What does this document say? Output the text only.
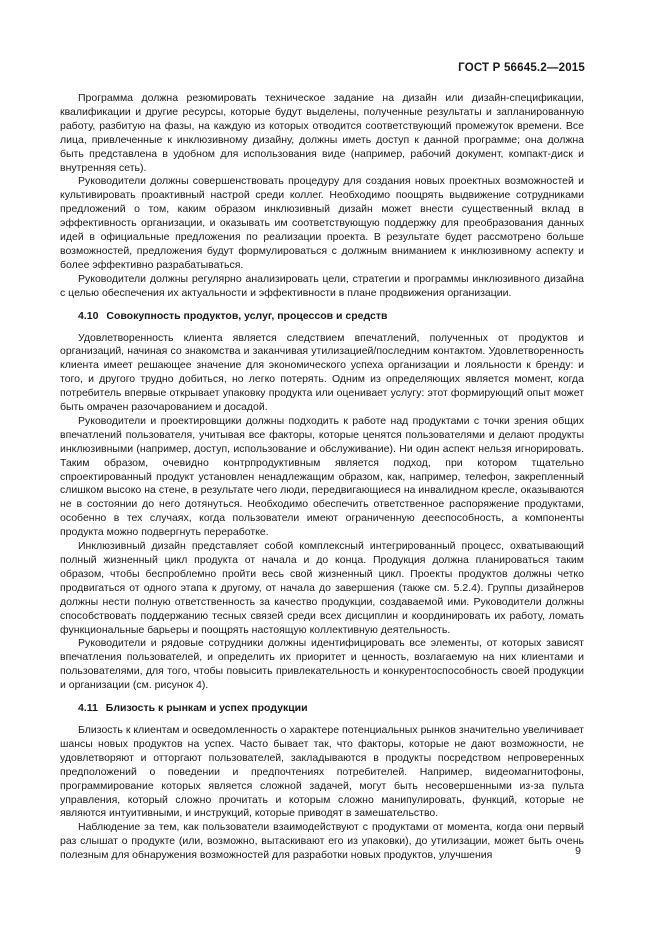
ГОСТ Р 56645.2—2015

Программа должна резюмировать техническое задание на дизайн или дизайн-спецификации, квалификации и другие ресурсы, которые будут выделены, полученные результаты и запланированную работу, разбитую на фазы, на каждую из которых отводится соответствующий промежуток времени. Все лица, привлеченные к инклюзивному дизайну, должны иметь доступ к данной программе; она должна быть представлена в удобном для использования виде (например, рабочий документ, компакт-диск и внутренняя сеть).

Руководители должны совершенствовать процедуру для создания новых проектных возможностей и культивировать проактивный настрой среди коллег. Необходимо поощрять выдвижение сотрудниками предложений о том, каким образом инклюзивный дизайн может внести существенный вклад в эффективность организации, и оказывать им соответствующую поддержку для преобразования данных идей в официальные предложения по реализации проекта. В результате будет рассмотрено больше возможностей, предложения будут формулироваться с должным вниманием к инклюзивному аспекту и более эффективно разрабатываться.

Руководители должны регулярно анализировать цели, стратегии и программы инклюзивного дизайна с целью обеспечения их актуальности и эффективности в плане продвижения организации.

4.10 Совокупность продуктов, услуг, процессов и средств

Удовлетворенность клиента является следствием впечатлений, полученных от продуктов и организаций, начиная со знакомства и заканчивая утилизацией/последним контактом. Удовлетворенность клиента имеет решающее значение для экономического успеха организации и лояльности к бренду: и того, и другого трудно добиться, но легко потерять. Одним из определяющих является момент, когда потребитель впервые открывает упаковку продукта или оценивает услугу: этот формирующий опыт может быть омрачен разочарованием и досадой.

Руководители и проектировщики должны подходить к работе над продуктами с точки зрения общих впечатлений пользователя, учитывая все факторы, которые ценятся пользователями и делают продукты инклюзивными (например, доступ, использование и обслуживание). Ни один аспект нельзя игнорировать. Таким образом, очевидно контрпродуктивным является подход, при котором тщательно спроектированный продукт установлен ненадлежащим образом, как, например, телефон, закрепленный слишком высоко на стене, в результате чего люди, передвигающиеся на инвалидном кресле, оказываются не в состоянии до него дотянуться. Необходимо обеспечить ответственное распоряжение продуктами, особенно в тех случаях, когда пользователи имеют ограниченную дееспособность, а компоненты продукта можно подвергнуть переработке.

Инклюзивный дизайн представляет собой комплексный интегрированный процесс, охватывающий полный жизненный цикл продукта от начала и до конца. Продукция должна планироваться таким образом, чтобы беспроблемно пройти весь свой жизненный цикл. Проекты продуктов должны четко продвигаться от одного этапа к другому, от начала до завершения (также см. 5.2.4). Группы дизайнеров должны нести полную ответственность за качество продукции, создаваемой ими. Руководители должны способствовать поддержанию тесных связей среди всех дисциплин и координировать их работу, ломать функциональные барьеры и поощрять настоящую коллективную деятельность.

Руководители и рядовые сотрудники должны идентифицировать все элементы, от которых зависят впечатления пользователей, и определить их приоритет и ценность, возлагаемую на них клиентами и пользователями, для того, чтобы повысить привлекательность и конкурентоспособность своей продукции и организации (см. рисунок 4).

4.11 Близость к рынкам и успех продукции

Близость к клиентам и осведомленность о характере потенциальных рынков значительно увеличивает шансы новых продуктов на успех. Часто бывает так, что факторы, которые не дают возможности, не удовлетворяют и отторгают пользователей, закладываются в продукты посредством непроверенных предположений о поведении и предпочтениях потребителей. Например, видеомагнитофоны, программирование которых является сложной задачей, могут быть несовершенными из-за пульта управления, который сложно прочитать и которым сложно манипулировать, функций, которые не являются интуитивными, и инструкций, которые приводят в замешательство.

Наблюдение за тем, как пользователи взаимодействуют с продуктами от момента, когда они первый раз слышат о продукте (или, возможно, вытаскивают его из упаковки), до утилизации, может быть очень полезным для обнаружения возможностей для разработки новых продуктов, улучшения	9
